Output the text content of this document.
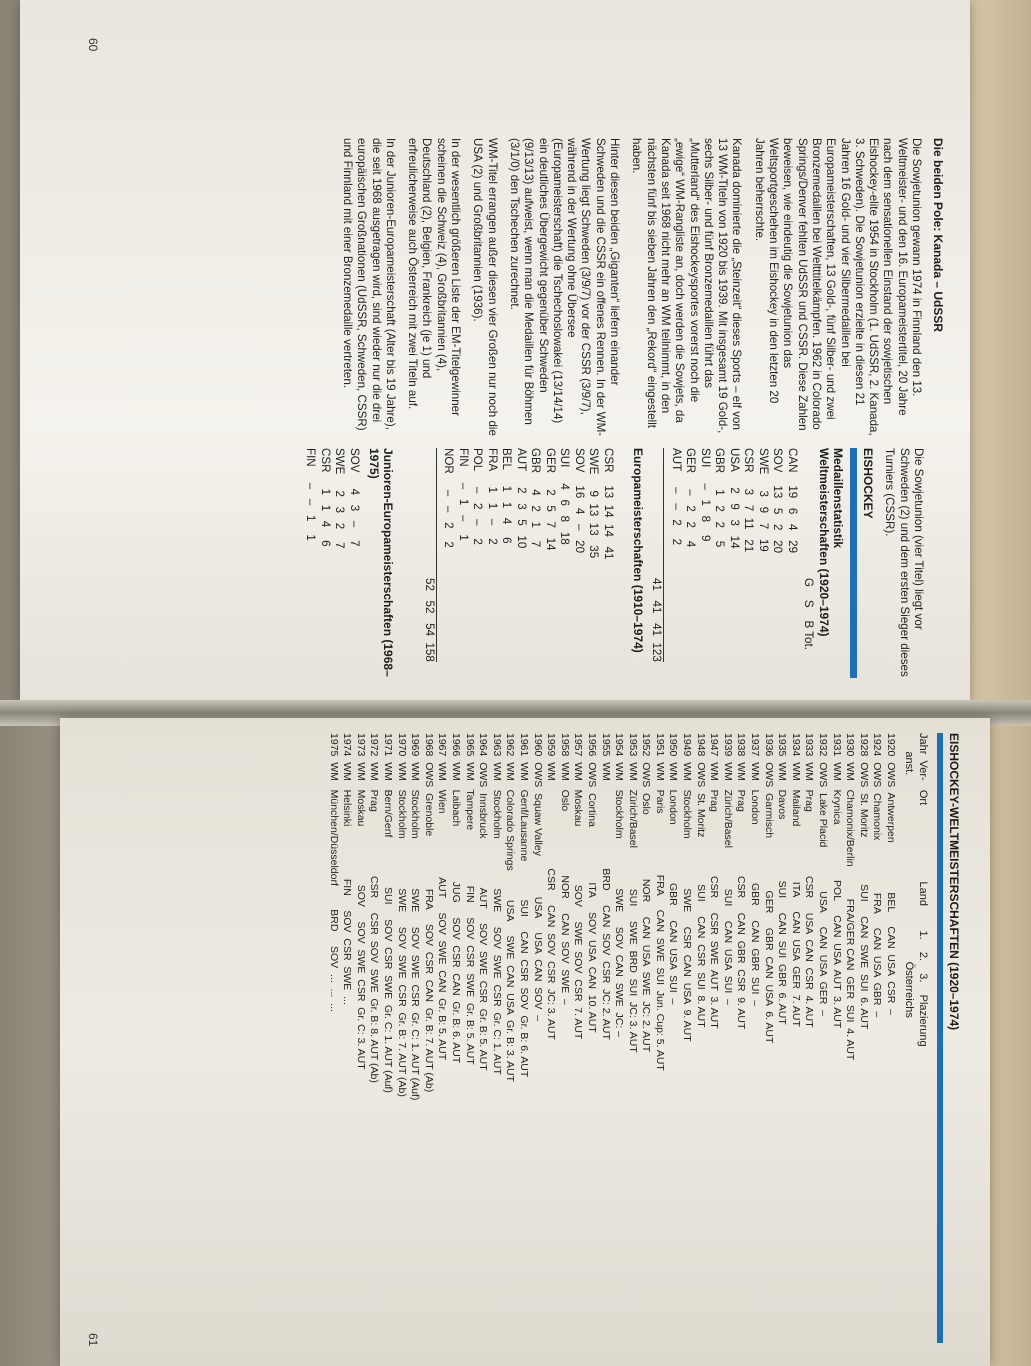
Die beiden Pole: Kanada – UdSSR
Die Sowjetunion gewann 1974 in Finnland den 13. Weltmeister- und den 16. Europameistertitel, 20 Jahre nach dem sensationellen Einstand der sowjetischen Eishockey-elite 1954 in Stockholm (1. UdSSR, 2. Kanada, 3. Schweden). Die Sowjetunion erzielte in diesen 21 Jahren 16 Gold- und vier Silbermedaillen bei Europameisterschaften, 13 Gold-, fünf Silber- und zwei Bronzemedaillen bei Weltttitelkämpfen. 1962 in Colorado Springs/Denver fehlten UdSSR und CSSR. Diese Zahlen beweisen, wie eindeutig die Sowjetunion das Weltsportgeschehen im Eishockey in den letzten 20 Jahren beherrschte.
Kanada dominierte die „Steinzeit“ dieses Sports – elf von 13 WM-Titeln von 1920 bis 1939. Mit insgesamt 19 Gold-, sechs Silber- und fünf Bronzemedaillen führt das „Mutterland“ des Eishockeysportes vorerst noch die „ewige“ WM-Rangliste an, doch werden die Sowjets, da Kanada seit 1968 nicht mehr an WM teilnimmt, in den nächsten fünf bis sieben Jahren den „Rekord“ eingestellt haben.
Hinter diesen beiden „Giganten“ liefern einander Schweden und die CSSR ein offenes Rennen. In der WM-Wertung liegt Schweden (3/9/7) vor der CSSR (3/9/7), während in der Wertung ohne Übersee (Europameisterschaft) die Tschechoslowakei (13/14/14) ein deutliches Übergewicht gegenüber Schweden (9/13/13) aufweist, wenn man die Medaillen für Böhmen (3/1/0) den Tschechen zurechnet.
WM-Titel errangen außer diesen vier Großen nur noch die USA (2) und Großbritannien (1936).
In der wesentlich größeren Liste der EM-Titelgewinner scheinen die Schweiz (4), Großbritannien (4), Deutschland (2), Belgien, Frankreich (je 1) und erfreulicherweise auch Österreich mit zwei Titeln auf.
In der Junioren-Europameisterschaft (Alter bis 19 Jahre), die seit 1968 ausgetragen wird, sind wieder nur die drei europäischen Großnationen (UdSSR, Schweden, CSSR) und Finnland mit einer Bronzemedaille vertreten.
Die Sowjetunion (vier Titel) liegt vor Schweden (2) und dem ersten Sieger dieses Turniers (CSSR).
EISHOCKEY
Medaillenstatistik
Weltmeisterschaften (1920–1974)
G    S    B Tot.
CAN    19   6   4   29
SOV    13   5   2   20
SWE     3   9   7   19
CSR     3   7  11   21
USA     2   9   3   14
GBR     1   2   2    5
SUI     –   1   8    9
GER     –   2   2    4
AUT     –   –   2    2
41   41   41  123
Europameisterschaften (1910–1974)
CSR    13  14  14   41
SWE     9  13  13   35
SOV    16   4   –   20
SUI     4   6   8   18
GER     2   5   7   14
GBR     4   2   1    7
AUT     2   3   5   10
BEL     1   1   4    6
FRA     1   1   –    2
POL     –   2   –    2
FIN     –   1   –    1
NOR     –   –   2    2
52   52   54  158
Junioren-Europameisterschaften (1968–1975)
SOV     4   3   –    7
SWE     2   3   2    7
CSR     1   1   4    6
FIN     –   –   1    1
60
EISHOCKEY-WELTMEISTERSCHAFTEN (1920–1974)
Jahr  Ver-   Ort                         Land        1.    2.    3.    Plazierung
anst.                                                             Österreichs
1920  OWS  Antwerpen                 BEL     CAN  USA  CSR  –
1924  OWS  Chamonix                  FRA     CAN  USA  GBR  –
1928  OWS  St. Moritz                SUI     CAN  SWE  SUI  6. AUT
1930  WM   Chamonix/Berlin           FRA/GER CAN  GER  SUI  4. AUT
1931  WM   Krynica                   POL     CAN  USA  AUT  3. AUT
1932  OWS  Lake Placid               USA     CAN  USA  GER  –
1933  WM   Prag                      CSR     USA  CAN  CSR  4. AUT
1934  WM   Mailand                   ITA     CAN  USA  GER  7. AUT
1935  WM   Davos                     SUI     CAN  SUI  GBR  6. AUT
1936  OWS  Garmisch                  GER     GBR  CAN  USA  6. AUT
1937  WM   London                    GBR     CAN  GBR  SUI  –
1938  WM   Prag                      CSR     CAN  GBR  CSR  9. AUT
1939  WM   Zürich/Basel              SUI     CAN  USA  SUI  –
1947  WM   Prag                      CSR     CSR  SWE  AUT  3. AUT
1948  OWS  St. Moritz                SUI     CAN  CSR  SUI  8. AUT
1949  WM   Stockholm                 SWE     CSR  CAN  USA  9. AUT
1950  WM   London                    GBR     CAN  USA  SUI  –
1951  WM   Paris                     FRA     CAN  SWE  SUI  Jun. Cup: 5. AUT
1952  OWS  Oslo                      NOR     CAN  USA  SWE  JC: 2. AUT
1953  WM   Zürich/Basel              SUI     SWE  BRD  SUI  JC: 3. AUT
1954  WM   Stockholm                 SWE     SOV  CAN  SWE  JC: –
1955  WM                              BRD     CAN  SOV  CSR  JC: 2. AUT
1956  OWS  Cortina                   ITA     SOV  USA  CAN  10. AUT
1957  WM   Moskau                    SOV     SWE  SOV  CSR  7. AUT
1958  WM   Oslo                      NOR     CAN  SOV  SWE  –
1959  WM                              CSR     CAN  SOV  CSR  JC: 3. AUT
1960  OWS  Squaw Valley              USA     USA  CAN  SOV  –
1961  WM   Genf/Lausanne             SUI     CAN  CSR  SOV  Gr. B: 6. AUT
1962  WM   Colorado Springs          USA     SWE  CAN  USA  Gr. B: 3. AUT
1963  WM   Stockholm                 SWE     SOV  SWE  CSR  Gr. C: 1. AUT
1964  OWS  Innsbruck                 AUT     SOV  SWE  CSR  Gr. B: 5. AUT
1965  WM   Tampere                   FIN     SOV  CSR  SWE  Gr. B: 5. AUT
1966  WM   Laibach                   JUG     SOV  CSR  CAN  Gr. B: 6. AUT
1967  WM   Wien                      AUT     SOV  SWE  CAN  Gr. B: 5. AUT
1968  OWS  Grenoble                  FRA     SOV  CSR  CAN  Gr. B: 7. AUT (Ab)
1969  WM   Stockholm                 SWE     SOV  SWE  CSR  Gr. C: 1. AUT (Auf)
1970  WM   Stockholm                 SWE     SOV  SWE  CSR  Gr. B: 7. AUT (Ab)
1971  WM   Bern/Genf                 SUI     SOV  CSR  SWE  Gr. C: 1. AUT (Auf)
1972  WM   Prag                      CSR     CSR  SOV  SWE  Gr. B: 8. AUT (Ab)
1973  WM   Moskau                    SOV     SOV  SWE  CSR  Gr. C: 3. AUT
1974  WM   Helsinki                  FIN     SOV  CSR  SWE  ...
1975  WM   München/Düsseldorf        BRD     SOV  ...  ...  ...
61
